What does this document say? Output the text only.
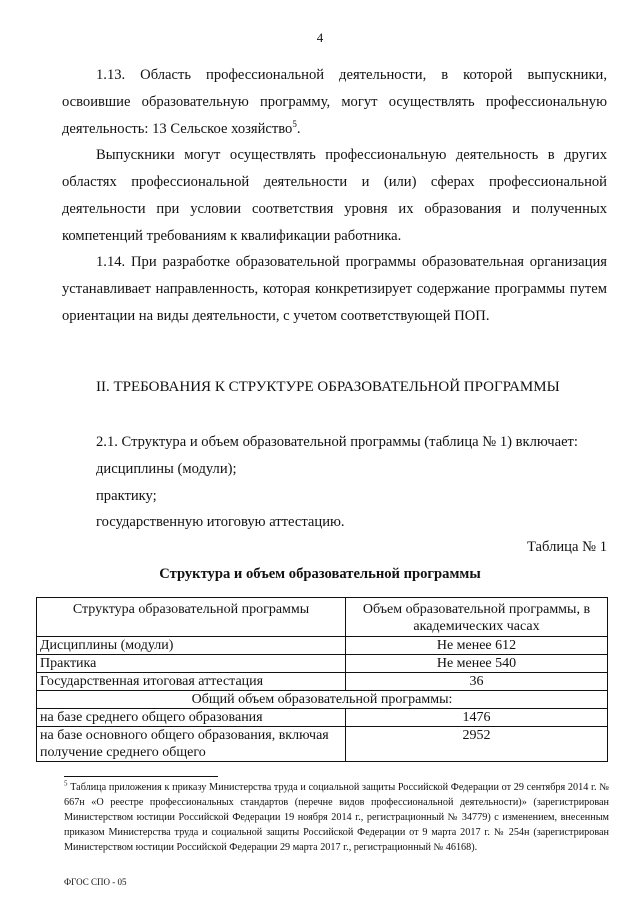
4

1.13. Область профессиональной деятельности, в которой выпускники, освоившие образовательную программу, могут осуществлять профессиональную деятельность: 13 Сельское хозяйство$^5$.

Выпускники могут осуществлять профессиональную деятельность в других областях профессиональной деятельности и (или) сферах профессиональной деятельности при условии соответствия уровня их образования и полученных компетенций требованиям к квалификации работника.

1.14. При разработке образовательной программы образовательная организация устанавливает направленность, которая конкретизирует содержание программы путем ориентации на виды деятельности, с учетом соответствующей ПОП.

II. ТРЕБОВАНИЯ К СТРУКТУРЕ ОБРАЗОВАТЕЛЬНОЙ ПРОГРАММЫ

2.1. Структура и объем образовательной программы (таблица № 1) включает:

дисциплины (модули);

практику;

государственную итоговую аттестацию.

Таблица № 1
Структура и объем образовательной программы
Структура образовательной программы	Объем образовательной программы, в академических часах
Дисциплины (модули)	Не менее 612
Практика	Не менее 540
Государственная итоговая аттестация	36
Общий объем образовательной программы:	
на базе среднего общего образования	1476
на базе основного общего образования, включая получение среднего общего	2952

$^5$ Таблица приложения к приказу Министерства труда и социальной защиты Российской Федерации от 29 сентября 2014 г. № 667н «О реестре профессиональных стандартов (перечне видов профессиональной деятельности)» (зарегистрирован Министерством юстиции Российской Федерации 19 ноября 2014 г., регистрационный № 34779) с изменением, внесенным приказом Министерства труда и социальной защиты Российской Федерации от 9 марта 2017 г. № 254н (зарегистрирован Министерством юстиции Российской Федерации 29 марта 2017 г., регистрационный № 46168).

ФГОС СПО - 05
